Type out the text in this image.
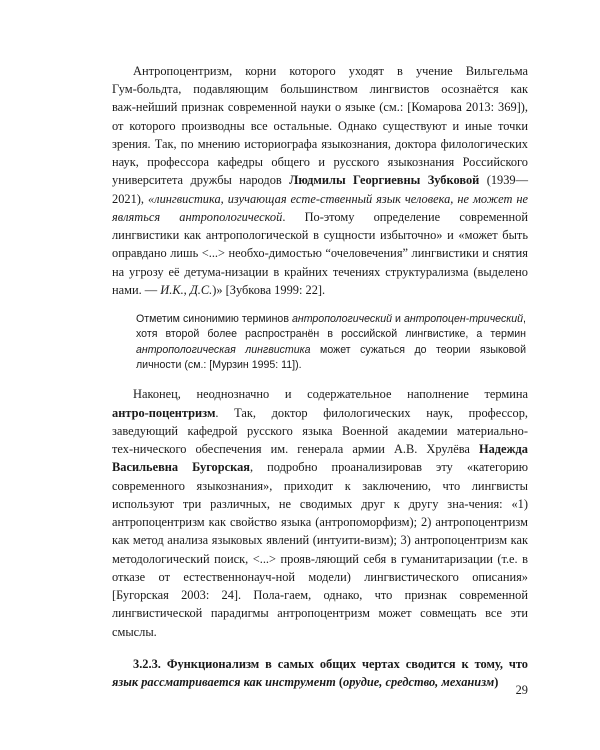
Антропоцентризм, корни которого уходят в учение Вильгельма Гум‑больдта, подавляющим большинством лингвистов осознаётся как важ‑нейший признак современной науки о языке (см.: [Комарова 2013: 369]), от которого производны все остальные. Однако существуют и иные точки зрения. Так, по мнению историографа языкознания, доктора филологических наук, профессора кафедры общего и русского языкознания Российского университета дружбы народов Людмилы Георгиевны Зубковой (1939—2021), «лингвистика, изучающая есте‑ственный язык человека, не может не являться антропологической. По‑этому определение современной лингвистики как антропологической в сущности избыточно» и «может быть оправдано лишь <...> необхо‑димостью “очеловечения” лингвистики и снятия на угрозу её детума‑низации в крайних течениях структурализма (выделено нами. — И.К., Д.С.)» [Зубкова 1999: 22].

Отметим синонимию терминов антропологический и антропоцен‑трический, хотя второй более распространён в российской лингвистике, а термин антропологическая лингвистика может сужаться до теории языковой личности (см.: [Мурзин 1995: 11]).

Наконец, неоднозначно и содержательное наполнение термина антро‑поцентризм. Так, доктор филологических наук, профессор, заведующий кафедрой русского языка Военной академии материально-тех‑нического обеспечения им. генерала армии А.В. Хрулёва Надежда Васильевна Бугорская, подробно проанализировав эту «категорию современного языкознания», приходит к заключению, что лингвисты используют три различных, не сводимых друг к другу зна‑чения: «1) антропоцентризм как свойство языка (антропоморфизм); 2) антропоцентризм как метод анализа языковых явлений (интуити‑визм); 3) антропоцентризм как методологический поиск, <...> прояв‑ляющий себя в гуманитаризации (т.е. в отказе от естественнонауч‑ной модели) лингвистического описания» [Бугорская 2003: 24]. Пола‑гаем, однако, что признак современной лингвистической парадигмы антропоцентризм может совмещать все эти смыслы.

3.2.3. Функционализм в самых общих чертах сводится к тому, что язык рассматривается как инструмент (орудие, средство, механизм)

29
